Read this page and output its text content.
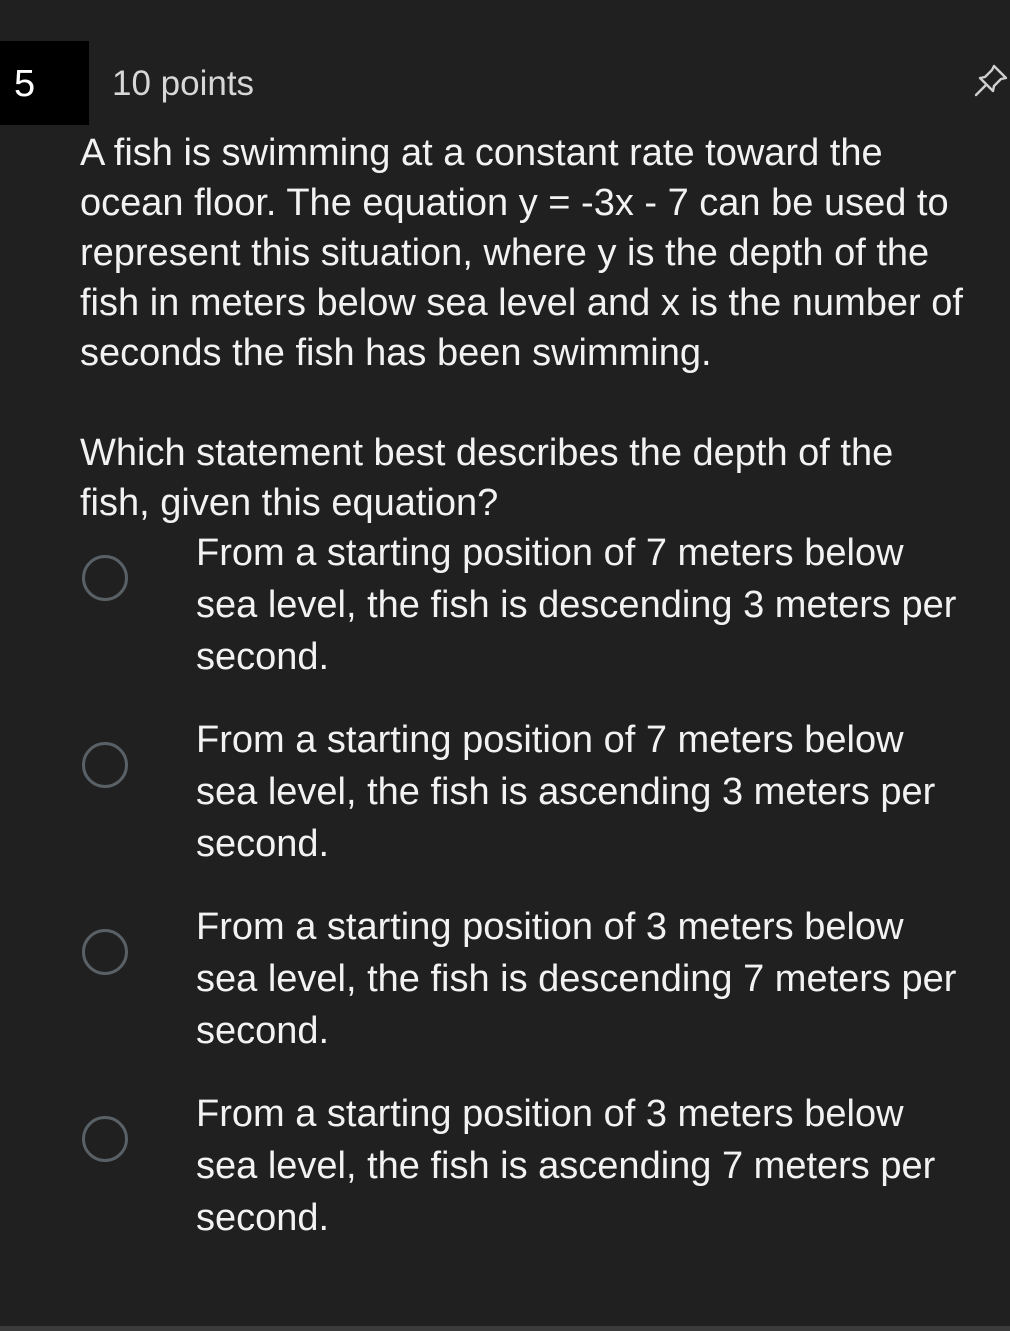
5 10 points
A fish is swimming at a constant rate toward the
ocean floor. The equation y = -3x - 7 can be used to
represent this situation, where y is the depth of the
fish in meters below sea level and x is the number of
seconds the fish has been swimming.
Which statement best describes the depth of the
fish, given this equation?
From a starting position of 7 meters below
sea level, the fish is descending 3 meters per
second.
From a starting position of 7 meters below
sea level, the fish is ascending 3 meters per
second.
From a starting position of 3 meters below
sea level, the fish is descending 7 meters per
second.
From a starting position of 3 meters below
sea level, the fish is ascending 7 meters per
second.
